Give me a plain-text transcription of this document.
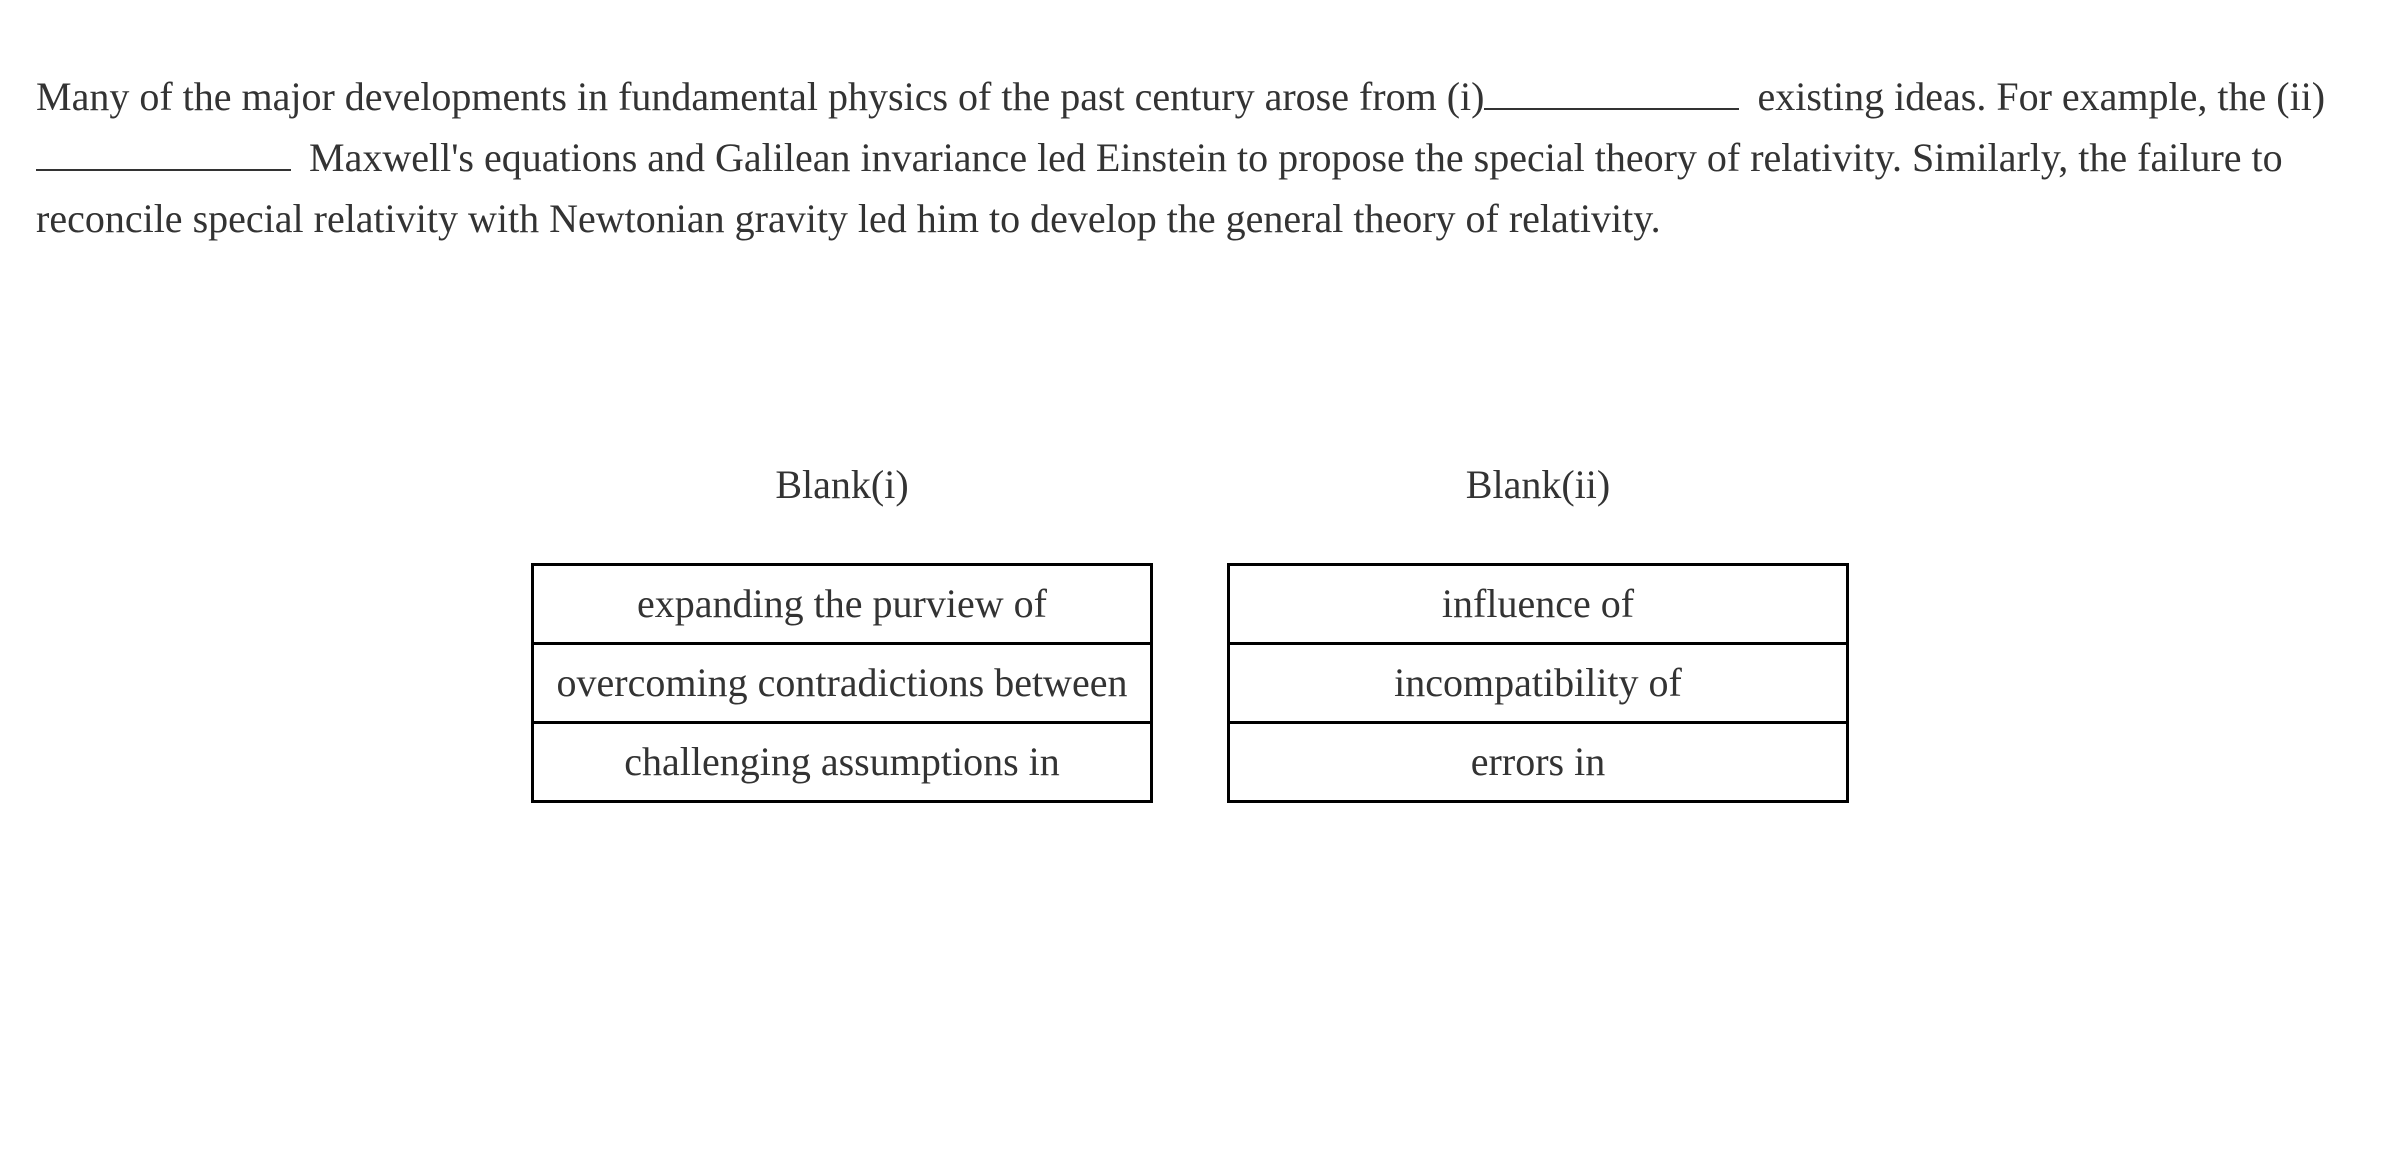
Many of the major developments in fundamental physics of the past century arose from (i)	existing ideas. For example, the (ii) Maxwell's equations and Galilean invariance led Einstein to propose the special theory of relativity. Similarly, the failure to reconcile special relativity with Newtonian gravity led him to develop the general theory of relativity.

Blank(i)
expanding the purview of
overcoming contradictions between
challenging assumptions in
Blank(ii)
influence of
incompatibility of
errors in
